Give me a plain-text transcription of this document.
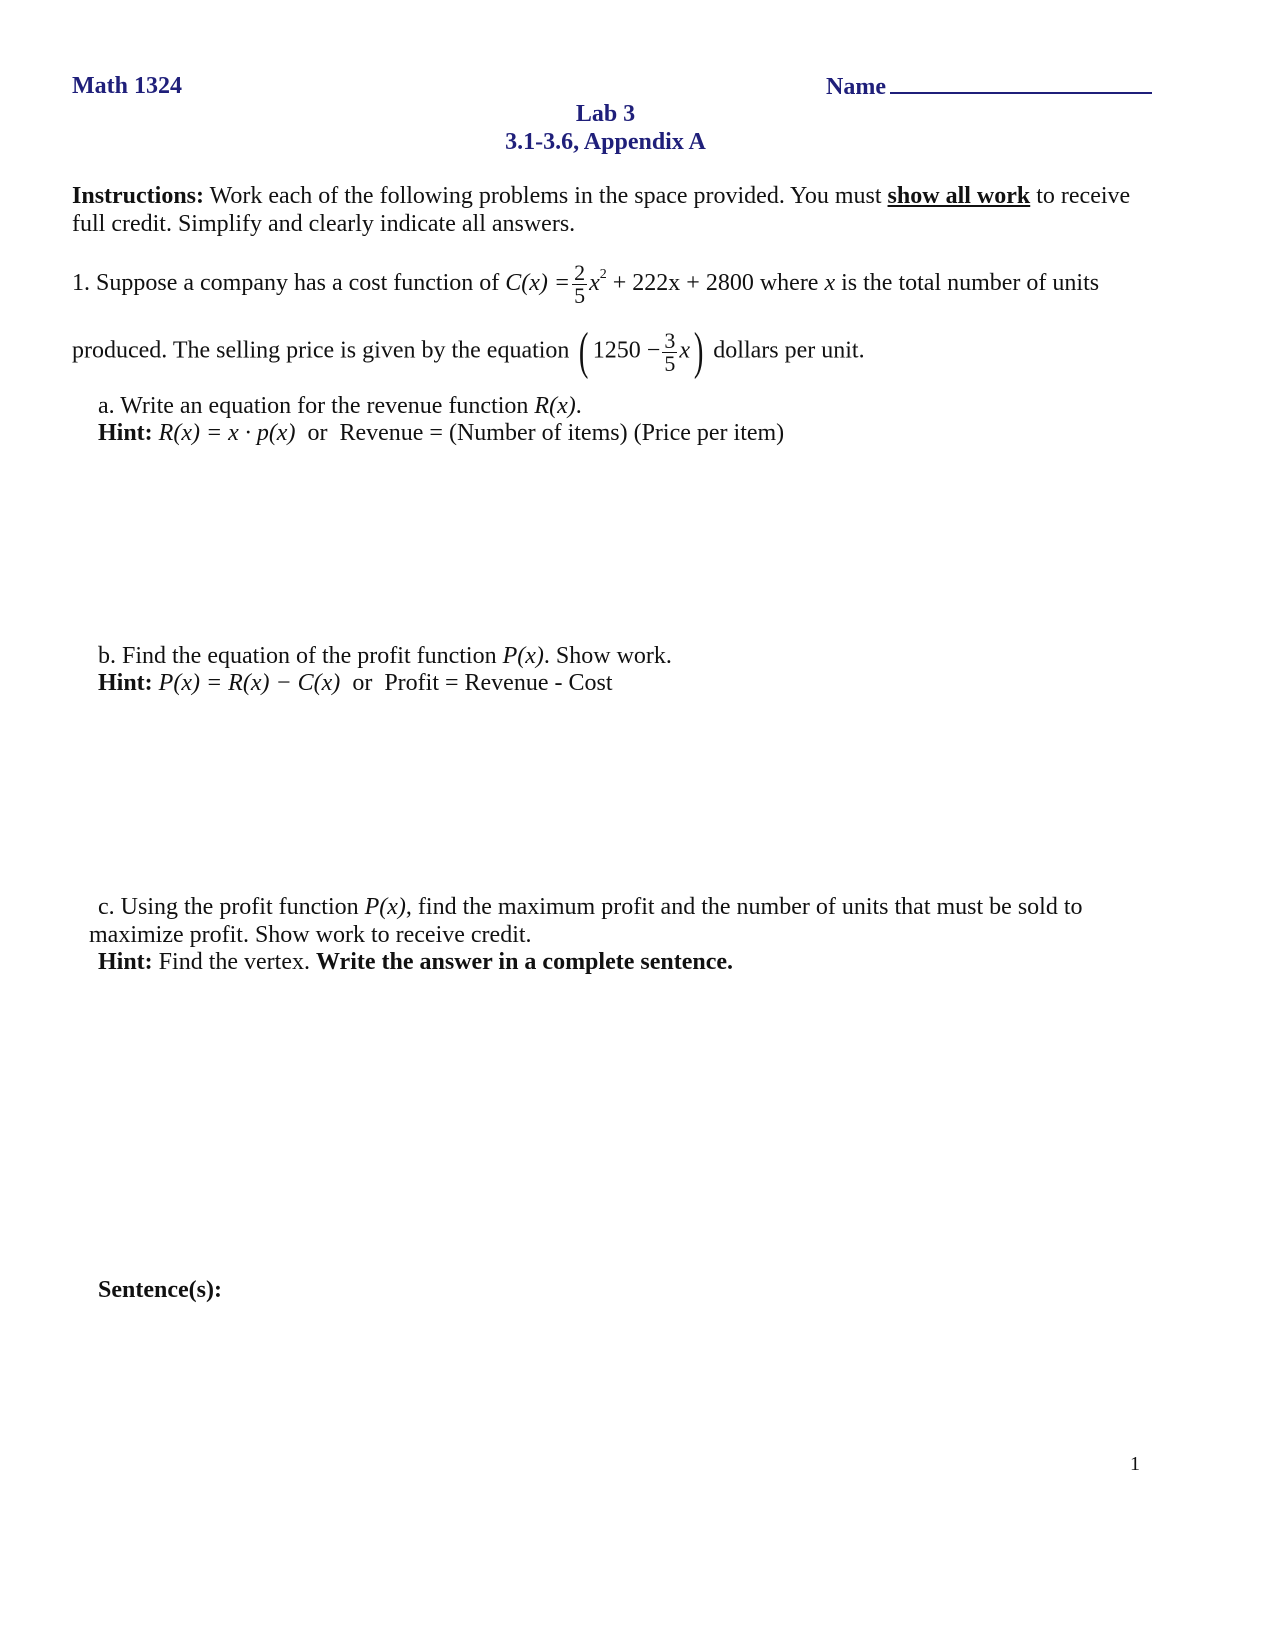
Math 1324	Name
Lab 3
3.1-3.6, Appendix A
Instructions: Work each of the following problems in the space provided. You must show all work to receive
full credit. Simplify and clearly indicate all answers.
1. Suppose a company has a cost function of $C(x) = \frac{2}{5} x^2 + 222x + 2800$ where x is the total number of units
produced. The selling price is given by the equation ( $1250 - \frac{3}{5} x$) dollars per unit.
a. Write an equation for the revenue function R(x).
Hint: R(x) = x · p(x) or Revenue = (Number of items) (Price per item)
b. Find the equation of the profit function P(x). Show work.
Hint: P(x) = R(x) − C(x) or Profit = Revenue - Cost
c. Using the profit function P(x), find the maximum profit and the number of units that must be sold to
maximize profit. Show work to receive credit.
Hint: Find the vertex. Write the answer in a complete sentence.
Sentence(s):
1
